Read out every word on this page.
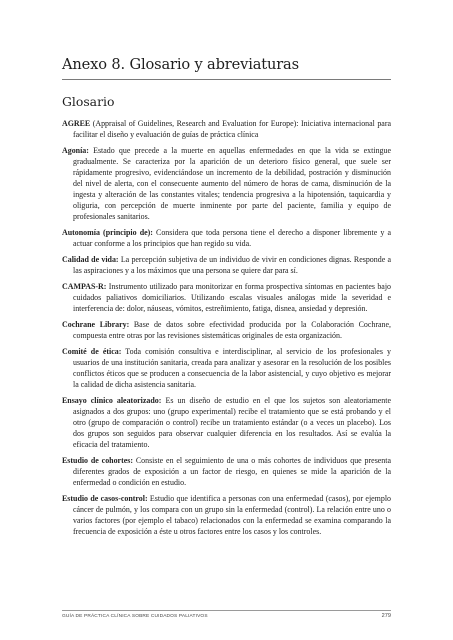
Anexo 8. Glosario y abreviaturas
Glosario

AGREE (Appraisal of Guidelines, Research and Evaluation for Europe): Iniciativa internacional para facilitar el diseño y evaluación de guías de práctica clínica

Agonía: Estado que precede a la muerte en aquellas enfermedades en que la vida se extingue gradualmente. Se caracteriza por la aparición de un deterioro físico general, que suele ser rápidamente progresivo, evidenciándose un incremento de la debilidad, postración y disminución del nivel de alerta, con el consecuente aumento del número de horas de cama, disminución de la ingesta y alteración de las constantes vitales; tendencia progresiva a la hipotensión, taquicardia y oliguria, con percepción de muerte inminente por parte del paciente, familia y equipo de profesionales sanitarios.

Autonomía (principio de): Considera que toda persona tiene el derecho a disponer libremente y a actuar conforme a los principios que han regido su vida.

Calidad de vida: La percepción subjetiva de un individuo de vivir en condiciones dignas. Responde a las aspiraciones y a los máximos que una persona se quiere dar para sí.

CAMPAS-R: Instrumento utilizado para monitorizar en forma prospectiva síntomas en pacientes bajo cuidados paliativos domiciliarios. Utilizando escalas visuales análogas mide la severidad e interferencia de: dolor, náuseas, vómitos, estreñimiento, fatiga, disnea, ansiedad y depresión.

Cochrane Library: Base de datos sobre efectividad producida por la Colaboración Cochrane, compuesta entre otras por las revisiones sistemáticas originales de esta organización.

Comité de ética: Toda comisión consultiva e interdisciplinar, al servicio de los profesionales y usuarios de una institución sanitaria, creada para analizar y asesorar en la resolución de los posibles conflictos éticos que se producen a consecuencia de la labor asistencial, y cuyo objetivo es mejorar la calidad de dicha asistencia sanitaria.

Ensayo clínico aleatorizado: Es un diseño de estudio en el que los sujetos son aleatoriamente asignados a dos grupos: uno (grupo experimental) recibe el tratamiento que se está probando y el otro (grupo de comparación o control) recibe un tratamiento estándar (o a veces un placebo). Los dos grupos son seguidos para observar cualquier diferencia en los resultados. Así se evalúa la eficacia del tratamiento.

Estudio de cohortes: Consiste en el seguimiento de una o más cohortes de individuos que presenta diferentes grados de exposición a un factor de riesgo, en quienes se mide la aparición de la enfermedad o condición en estudio.

Estudio de casos-control: Estudio que identifica a personas con una enfermedad (casos), por ejemplo cáncer de pulmón, y los compara con un grupo sin la enfermedad (control). La relación entre uno o varios factores (por ejemplo el tabaco) relacionados con la enfermedad se examina comparando la frecuencia de exposición a éste u otros factores entre los casos y los controles.

GUÍA DE PRÁCTICA CLÍNICA SOBRE CUIDADOS PALIATIVOS	279
